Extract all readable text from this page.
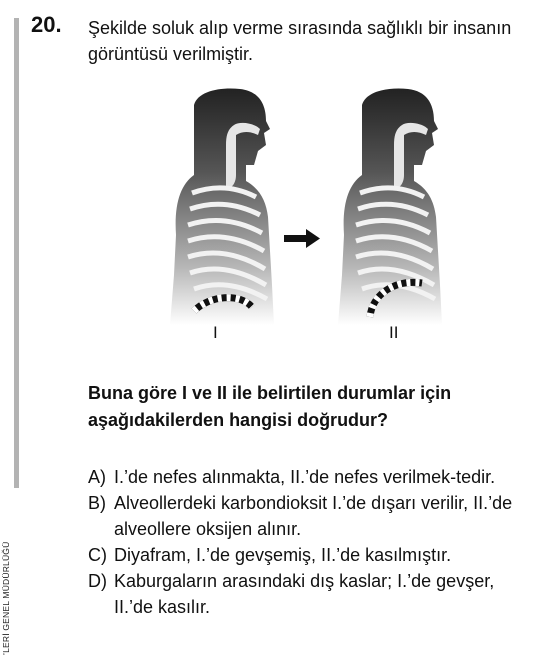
’LERİ GENEL MÜDÜRLÜĞÜ
20. Şekilde soluk alıp verme sırasında sağlıklı bir insanın görüntüsü verilmiştir.
I	II
Buna göre I ve II ile belirtilen durumlar için aşağıdakilerden hangisi doğrudur?
A) I.’de nefes alınmakta, II.’de nefes verilmek-tedir.
B) Alveollerdeki karbondioksit I.’de dışarı verilir, II.’de alveollere oksijen alınır.
C) Diyafram, I.’de gevşemiş, II.’de kasılmıştır.
D) Kaburgaların arasındaki dış kaslar; I.’de gevşer, II.’de kasılır.
